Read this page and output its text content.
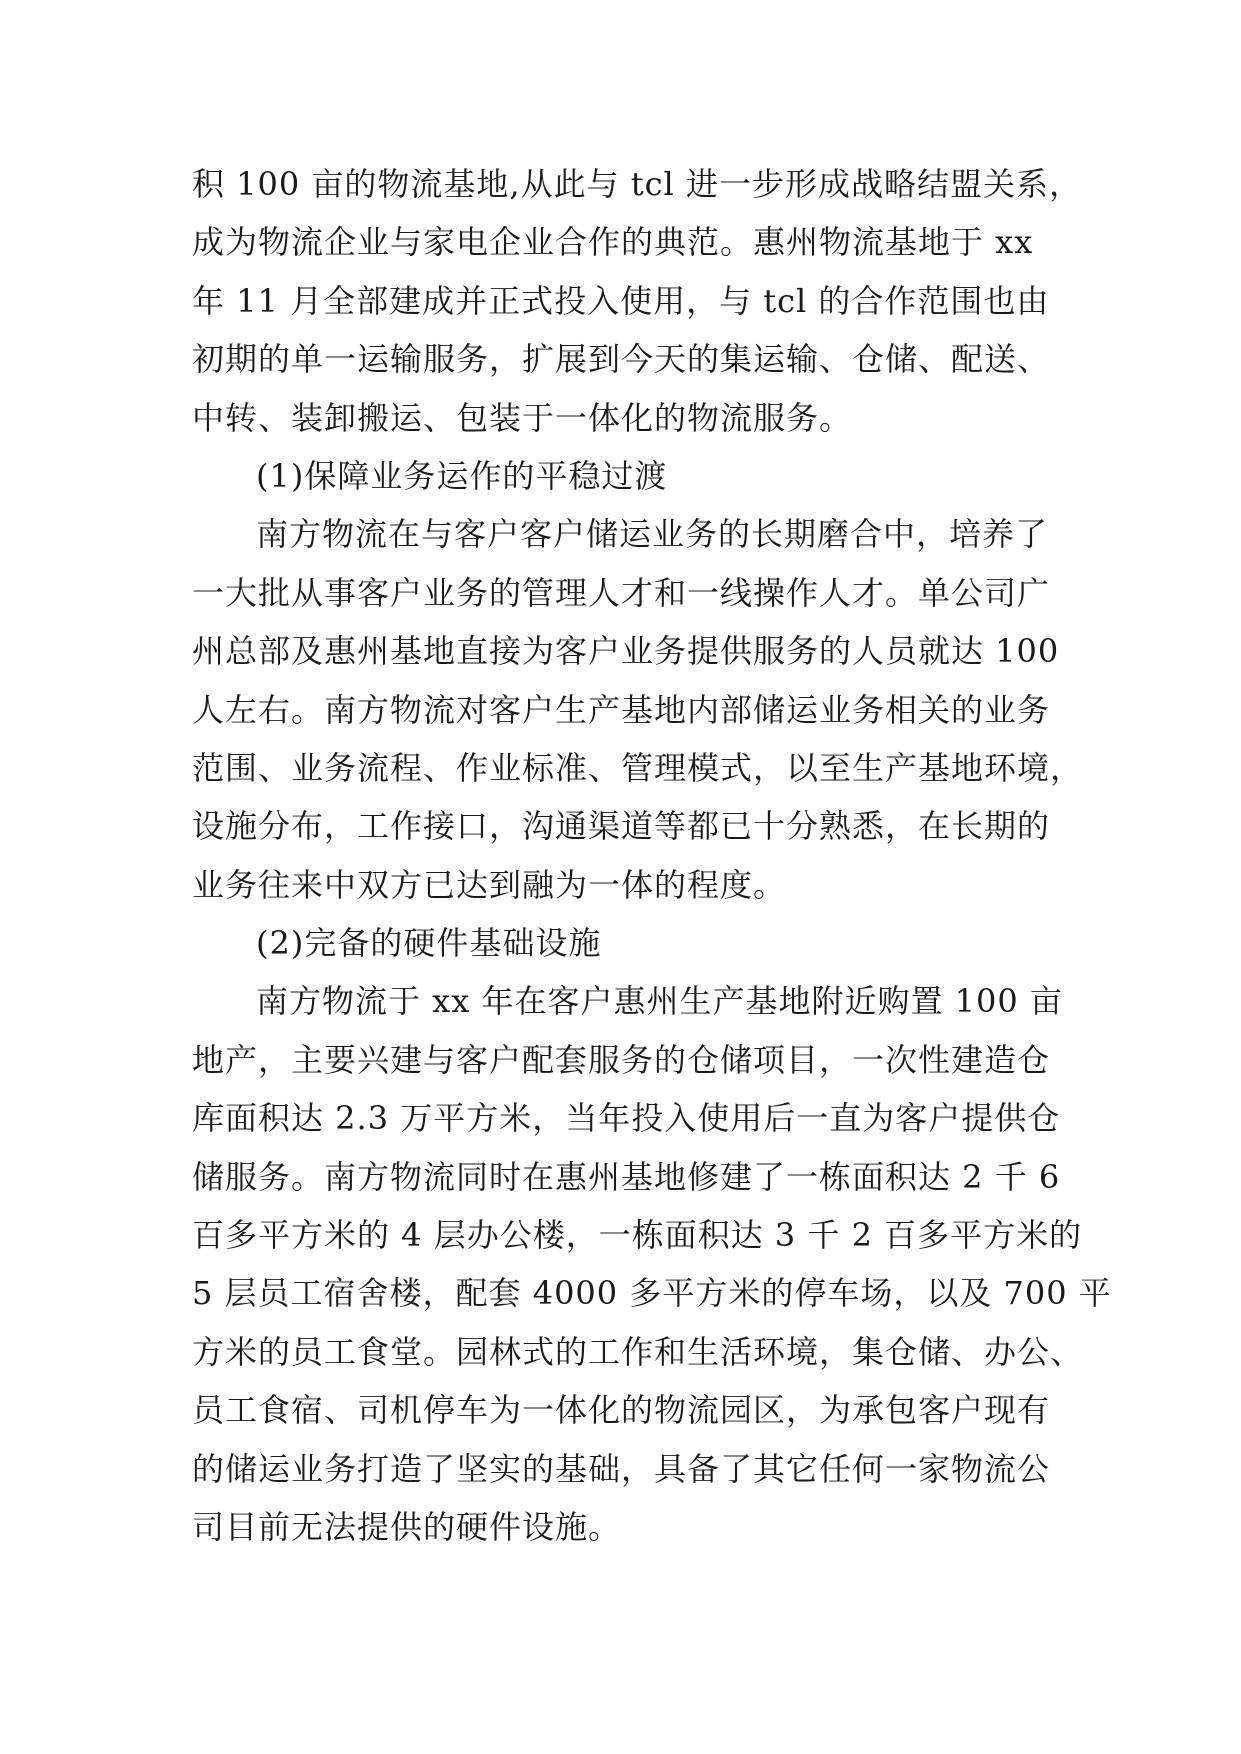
积 100 亩的物流基地,从此与 tcl 进一步形成战略结盟关系，
成为物流企业与家电企业合作的典范。惠州物流基地于 xx
年 11 月全部建成并正式投入使用，与 tcl 的合作范围也由
初期的单一运输服务，扩展到今天的集运输、仓储、配送、
中转、装卸搬运、包装于一体化的物流服务。
(1)保障业务运作的平稳过渡
南方物流在与客户客户储运业务的长期磨合中，培养了
一大批从事客户业务的管理人才和一线操作人才。单公司广
州总部及惠州基地直接为客户业务提供服务的人员就达 100
人左右。南方物流对客户生产基地内部储运业务相关的业务
范围、业务流程、作业标准、管理模式，以至生产基地环境，
设施分布，工作接口，沟通渠道等都已十分熟悉，在长期的
业务往来中双方已达到融为一体的程度。
(2)完备的硬件基础设施
南方物流于 xx 年在客户惠州生产基地附近购置 100 亩
地产，主要兴建与客户配套服务的仓储项目，一次性建造仓
库面积达 2.3 万平方米，当年投入使用后一直为客户提供仓
储服务。南方物流同时在惠州基地修建了一栋面积达 2 千 6
百多平方米的 4 层办公楼，一栋面积达 3 千 2 百多平方米的
5 层员工宿舍楼，配套 4000 多平方米的停车场，以及 700 平
方米的员工食堂。园林式的工作和生活环境，集仓储、办公、
员工食宿、司机停车为一体化的物流园区，为承包客户现有
的储运业务打造了坚实的基础，具备了其它任何一家物流公
司目前无法提供的硬件设施。
